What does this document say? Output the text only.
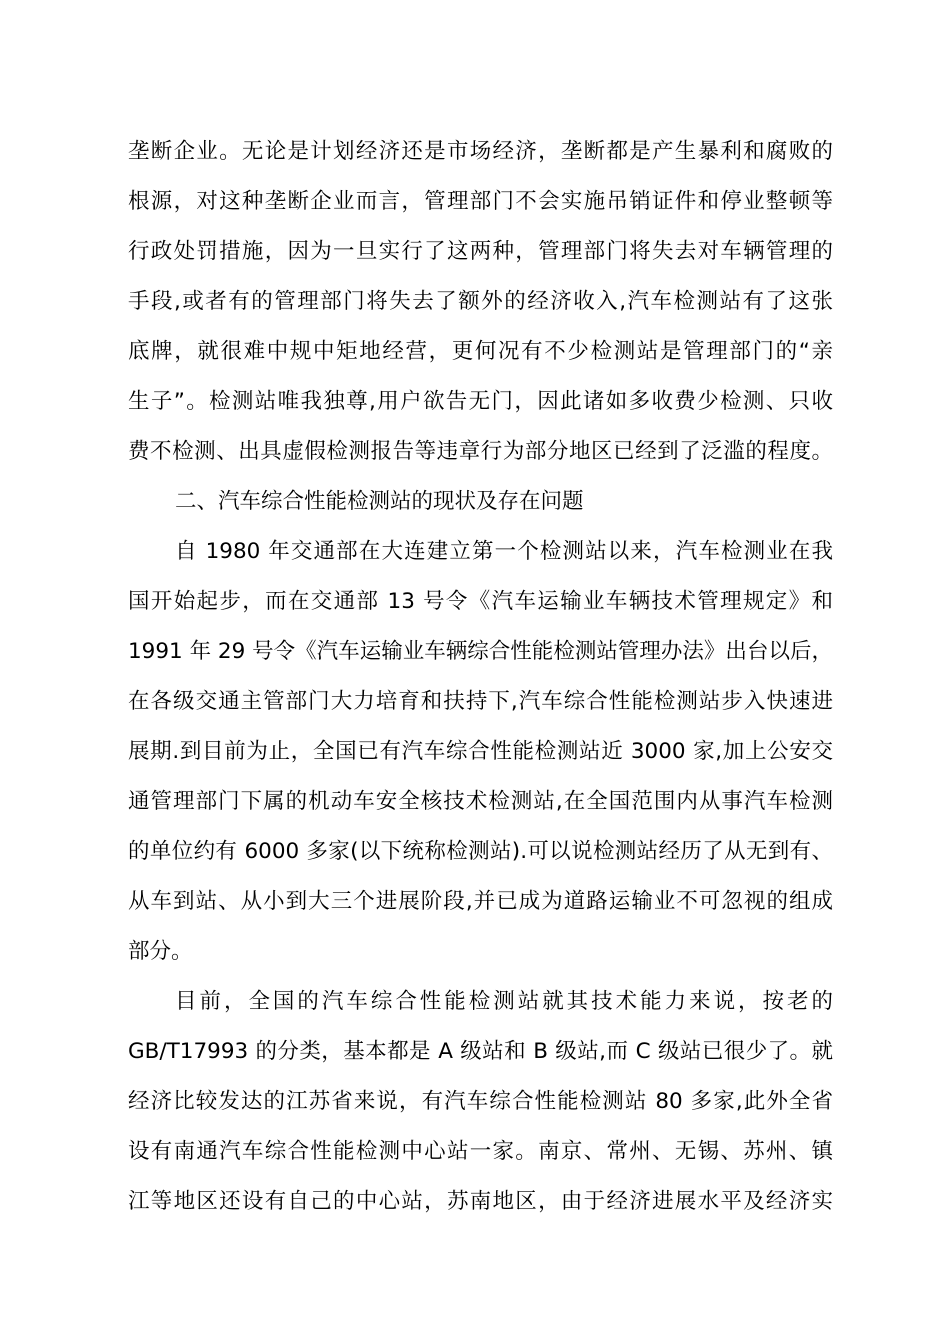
垄断企业。无论是计划经济还是市场经济，垄断都是产生暴利和腐败的
根源，对这种垄断企业而言，管理部门不会实施吊销证件和停业整顿等
行政处罚措施，因为一旦实行了这两种，管理部门将失去对车辆管理的
手段,或者有的管理部门将失去了额外的经济收入,汽车检测站有了这张
底牌，就很难中规中矩地经营，更何况有不少检测站是管理部门的“亲
生子”。检测站唯我独尊,用户欲告无门，因此诸如多收费少检测、只收
费不检测、出具虚假检测报告等违章行为部分地区已经到了泛滥的程度。
二、汽车综合性能检测站的现状及存在问题
自 1980 年交通部在大连建立第一个检测站以来，汽车检测业在我
国开始起步，而在交通部 13 号令《汽车运输业车辆技术管理规定》和
1991 年 29 号令《汽车运输业车辆综合性能检测站管理办法》出台以后，
在各级交通主管部门大力培育和扶持下,汽车综合性能检测站步入快速进
展期.到目前为止，全国已有汽车综合性能检测站近 3000 家,加上公安交
通管理部门下属的机动车安全核技术检测站,在全国范围内从事汽车检测
的单位约有 6000 多家(以下统称检测站).可以说检测站经历了从无到有、
从车到站、从小到大三个进展阶段,并已成为道路运输业不可忽视的组成
部分。
目前，全国的汽车综合性能检测站就其技术能力来说，按老的
GB/T17993 的分类，基本都是 A 级站和 B 级站,而 C 级站已很少了。就
经济比较发达的江苏省来说，有汽车综合性能检测站 80 多家,此外全省
设有南通汽车综合性能检测中心站一家。南京、常州、无锡、苏州、镇
江等地区还设有自己的中心站，苏南地区，由于经济进展水平及经济实
